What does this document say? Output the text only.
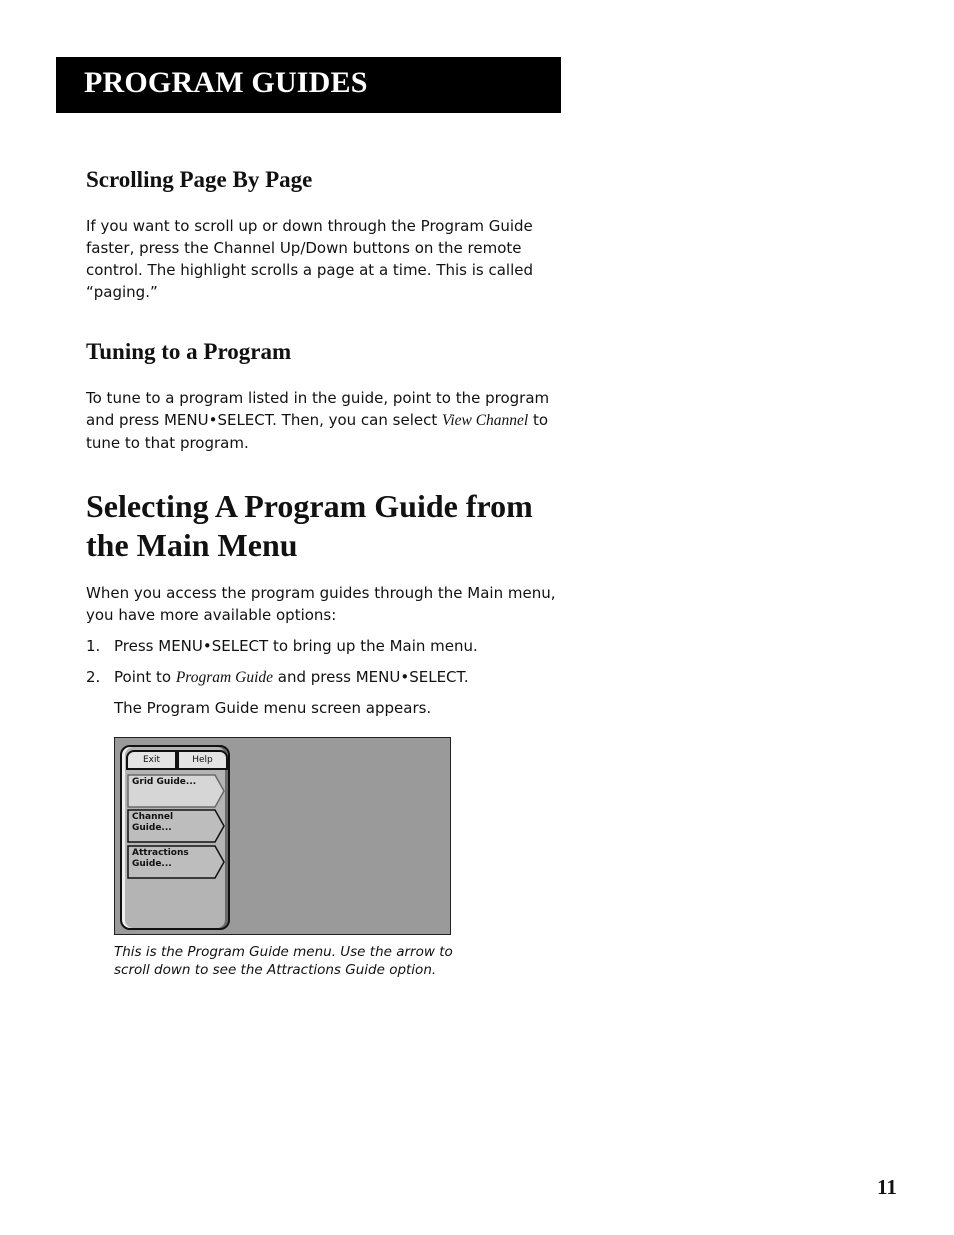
PROGRAM GUIDES
Scrolling Page By Page
If you want to scroll up or down through the Program Guide faster, press the Channel Up/Down buttons on the remote control. The highlight scrolls a page at a time. This is called “paging.”
Tuning to a Program
To tune to a program listed in the guide, point to the program and press MENU•SELECT. Then, you can select View Channel to tune to that program.
Selecting A Program Guide from the Main Menu
When you access the program guides through the Main menu, you have more available options:
1. Press MENU•SELECT to bring up the Main menu.
2. Point to Program Guide and press MENU•SELECT.
The Program Guide menu screen appears.
Exit	Help
Grid Guide...
Channel Guide...
Attractions Guide...
This is the Program Guide menu. Use the arrow to scroll down to see the Attractions Guide option.
11
